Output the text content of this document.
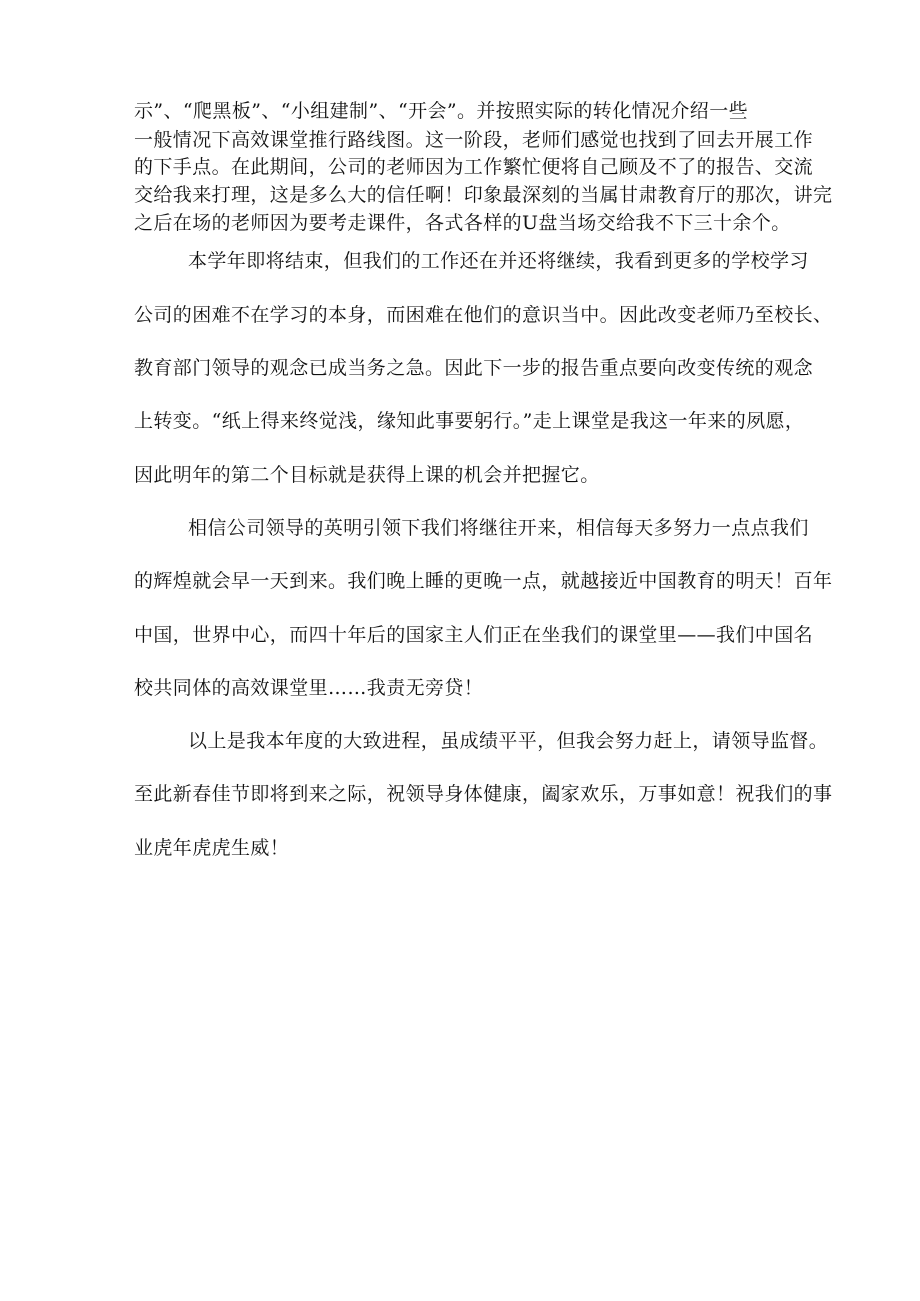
示”、“爬黑板”、“小组建制”、“开会”。并按照实际的转化情况介绍一些
一般情况下高效课堂推行路线图。这一阶段，老师们感觉也找到了回去开展工作
的下手点。在此期间，公司的老师因为工作繁忙便将自己顾及不了的报告、交流
交给我来打理，这是多么大的信任啊！印象最深刻的当属甘肃教育厅的那次，讲完
之后在场的老师因为要考走课件，各式各样的U盘当场交给我不下三十余个。
本学年即将结束，但我们的工作还在并还将继续，我看到更多的学校学习
公司的困难不在学习的本身，而困难在他们的意识当中。因此改变老师乃至校长、
教育部门领导的观念已成当务之急。因此下一步的报告重点要向改变传统的观念
上转变。“纸上得来终觉浅，缘知此事要躬行。”走上课堂是我这一年来的夙愿，
因此明年的第二个目标就是获得上课的机会并把握它。
相信公司领导的英明引领下我们将继往开来，相信每天多努力一点点我们
的辉煌就会早一天到来。我们晚上睡的更晚一点，就越接近中国教育的明天！百年
中国，世界中心，而四十年后的国家主人们正在坐我们的课堂里——我们中国名
校共同体的高效课堂里……我责无旁贷！
以上是我本年度的大致进程，虽成绩平平，但我会努力赶上，请领导监督。
至此新春佳节即将到来之际，祝领导身体健康，阖家欢乐，万事如意！祝我们的事
业虎年虎虎生威！
